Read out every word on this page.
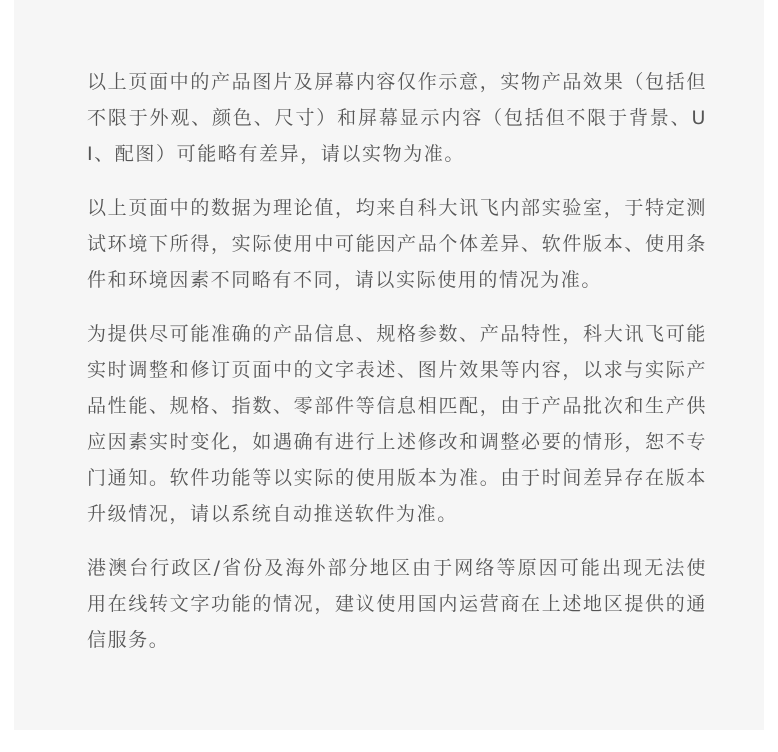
以上页面中的产品图片及屏幕内容仅作示意，实物产品效果（包括但不限于外观、颜色、尺寸）和屏幕显示内容（包括但不限于背景、UI、配图）可能略有差异，请以实物为准。

以上页面中的数据为理论值，均来自科大讯飞内部实验室，于特定测试环境下所得，实际使用中可能因产品个体差异、软件版本、使用条件和环境因素不同略有不同，请以实际使用的情况为准。

为提供尽可能准确的产品信息、规格参数、产品特性，科大讯飞可能实时调整和修订页面中的文字表述、图片效果等内容，以求与实际产品性能、规格、指数、零部件等信息相匹配，由于产品批次和生产供应因素实时变化，如遇确有进行上述修改和调整必要的情形，恕不专门通知。软件功能等以实际的使用版本为准。由于时间差异存在版本升级情况，请以系统自动推送软件为准。

港澳台行政区/省份及海外部分地区由于网络等原因可能出现无法使用在线转文字功能的情况，建议使用国内运营商在上述地区提供的通信服务。
